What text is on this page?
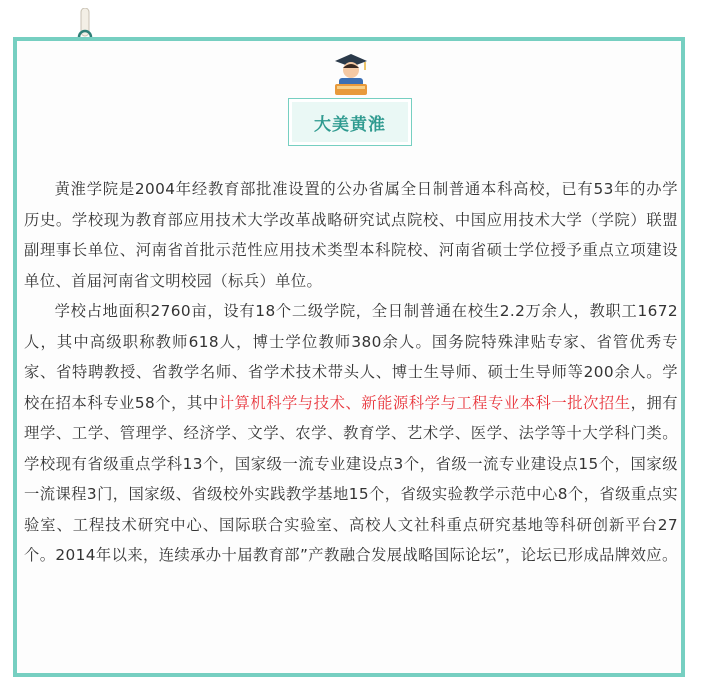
大美黄淮

黄淮学院是2004年经教育部批准设置的公办省属全日制普通本科高校，已有53年的办学历史。学校现为教育部应用技术大学改革战略研究试点院校、中国应用技术大学（学院）联盟副理事长单位、河南省首批示范性应用技术类型本科院校、河南省硕士学位授予重点立项建设单位、首届河南省文明校园（标兵）单位。

学校占地面积2760亩，设有18个二级学院，全日制普通在校生2.2万余人，教职工1672人，其中高级职称教师618人，博士学位教师380余人。国务院特殊津贴专家、省管优秀专家、省特聘教授、省教学名师、省学术技术带头人、博士生导师、硕士生导师等200余人。学校在招本科专业58个，其中计算机科学与技术、新能源科学与工程专业本科一批次招生，拥有理学、工学、管理学、经济学、文学、农学、教育学、艺术学、医学、法学等十大学科门类。学校现有省级重点学科13个，国家级一流专业建设点3个，省级一流专业建设点15个，国家级一流课程3门，国家级、省级校外实践教学基地15个，省级实验教学示范中心8个，省级重点实验室、工程技术研究中心、国际联合实验室、高校人文社科重点研究基地等科研创新平台27个。2014年以来，连续承办十届教育部”产教融合发展战略国际论坛”，论坛已形成品牌效应。
